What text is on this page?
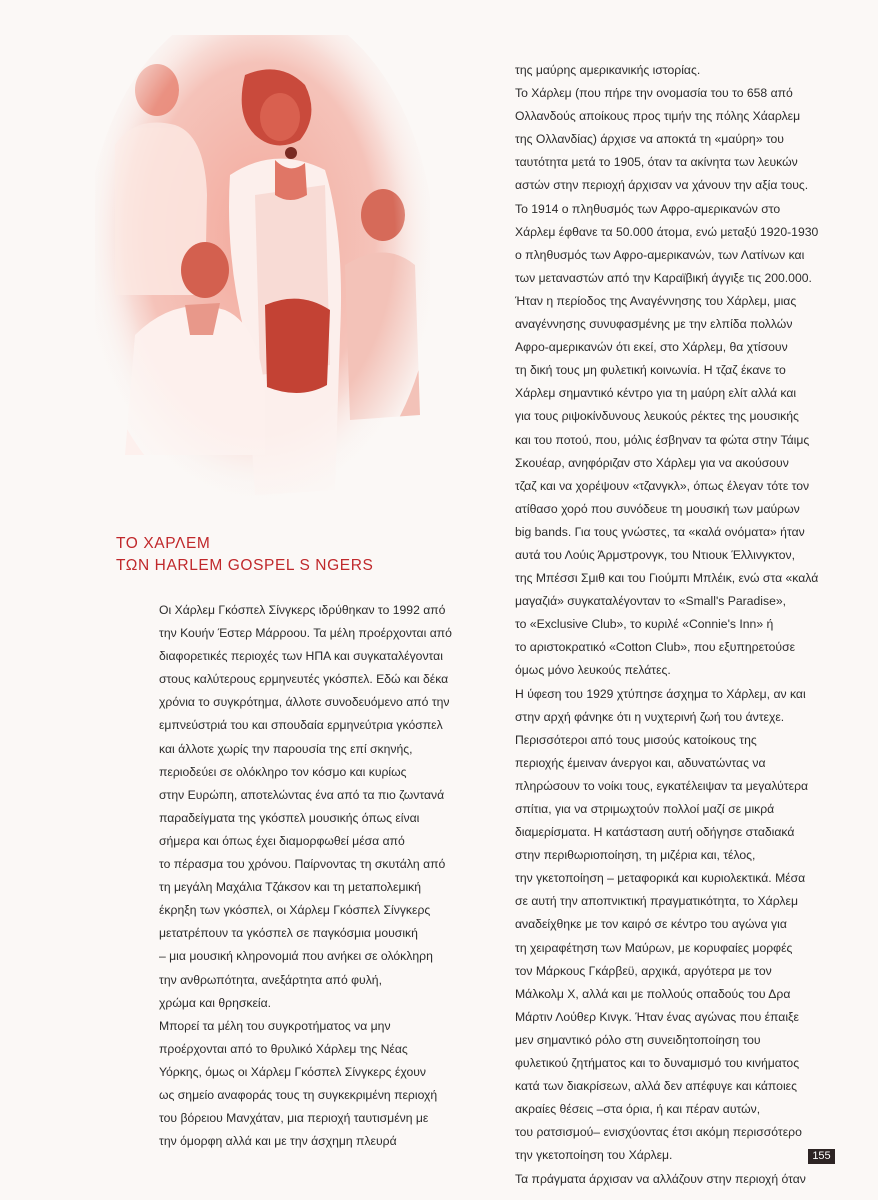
ΤΟ ΧΑΡΛΕΜ
ΤΩΝ HARLEM GOSPEL S NGERS

Οι Χάρλεμ Γκόσπελ Σίνγκερς ιδρύθηκαν το 1992 από

την Κουήν Έστερ Μάρροου. Τα μέλη προέρχονται από

διαφορετικές περιοχές των ΗΠΑ και συγκαταλέγονται

στους καλύτερους ερμηνευτές γκόσπελ. Εδώ και δέκα

χρόνια το συγκρότημα, άλλοτε συνοδευόμενο από την

εμπνεύστριά του και σπουδαία ερμηνεύτρια γκόσπελ

και άλλοτε χωρίς την παρουσία της επί σκηνής,

περιοδεύει σε ολόκληρο τον κόσμο και κυρίως

στην Ευρώπη, αποτελώντας ένα από τα πιο ζωντανά

παραδείγματα της γκόσπελ μουσικής όπως είναι

σήμερα και όπως έχει διαμορφωθεί μέσα από

το πέρασμα του χρόνου. Παίρνοντας τη σκυτάλη από

τη μεγάλη Μαχάλια Τζάκσον και τη μεταπολεμική

έκρηξη των γκόσπελ, οι Χάρλεμ Γκόσπελ Σίνγκερς

μετατρέπουν τα γκόσπελ σε παγκόσμια μουσική

– μια μουσική κληρονομιά που ανήκει σε ολόκληρη

την ανθρωπότητα, ανεξάρτητα από φυλή,

χρώμα και θρησκεία.

Μπορεί τα μέλη του συγκροτήματος να μην

προέρχονται από το θρυλικό Χάρλεμ της Νέας

Υόρκης, όμως οι Χάρλεμ Γκόσπελ Σίνγκερς έχουν

ως σημείο αναφοράς τους τη συγκεκριμένη περιοχή

του βόρειου Μανχάταν, μια περιοχή ταυτισμένη με

την όμορφη αλλά και με την άσχημη πλευρά

της μαύρης αμερικανικής ιστορίας.

Το Χάρλεμ (που πήρε την ονομασία του το 658 από

Ολλανδούς αποίκους προς τιμήν της πόλης Χάαρλεμ

της Ολλανδίας) άρχισε να αποκτά τη «μαύρη» του

ταυτότητα μετά το 1905, όταν τα ακίνητα των λευκών

αστών στην περιοχή άρχισαν να χάνουν την αξία τους.

Το 1914 ο πληθυσμός των Αφρο-αμερικανών στο

Χάρλεμ έφθανε τα 50.000 άτομα, ενώ μεταξύ 1920-1930

ο πληθυσμός των Αφρο-αμερικανών, των Λατίνων και

των μεταναστών από την Καραϊβική άγγιξε τις 200.000.

Ήταν η περίοδος της Αναγέννησης του Χάρλεμ, μιας

αναγέννησης συνυφασμένης με την ελπίδα πολλών

Αφρο-αμερικανών ότι εκεί, στο Χάρλεμ, θα χτίσουν

τη δική τους μη φυλετική κοινωνία. Η τζαζ έκανε το

Χάρλεμ σημαντικό κέντρο για τη μαύρη ελίτ αλλά και

για τους ριψοκίνδυνους λευκούς ρέκτες της μουσικής

και του ποτού, που, μόλις έσβηναν τα φώτα στην Τάιμς

Σκουέαρ, ανηφόριζαν στο Χάρλεμ για να ακούσουν

τζαζ και να χορέψουν «τζανγκλ», όπως έλεγαν τότε τον

ατίθασο χορό που συνόδευε τη μουσική των μαύρων

big bands. Για τους γνώστες, τα «καλά ονόματα» ήταν

αυτά του Λούις Άρμστρονγκ, του Ντιουκ Έλλινγκτον,

της Μπέσσι Σμιθ και του Γιούμπι Μπλέικ, ενώ στα «καλά

μαγαζιά» συγκαταλέγονταν το «Small's Paradise»,

το «Exclusive Club», το κυριλέ «Connie's Inn» ή

το αριστοκρατικό «Cotton Club», που εξυπηρετούσε

όμως μόνο λευκούς πελάτες.

Η ύφεση του 1929 χτύπησε άσχημα το Χάρλεμ, αν και

στην αρχή φάνηκε ότι η νυχτερινή ζωή του άντεχε.

Περισσότεροι από τους μισούς κατοίκους της

περιοχής έμειναν άνεργοι και, αδυνατώντας να

πληρώσουν το νοίκι τους, εγκατέλειψαν τα μεγαλύτερα

σπίτια, για να στριμωχτούν πολλοί μαζί σε μικρά

διαμερίσματα. Η κατάσταση αυτή οδήγησε σταδιακά

στην περιθωριοποίηση, τη μιζέρια και, τέλος,

την γκετοποίηση – μεταφορικά και κυριολεκτικά. Μέσα

σε αυτή την αποπνικτική πραγματικότητα, το Χάρλεμ

αναδείχθηκε με τον καιρό σε κέντρο του αγώνα για

τη χειραφέτηση των Μαύρων, με κορυφαίες μορφές

τον Μάρκους Γκάρβεϋ, αρχικά, αργότερα με τον

Μάλκολμ Χ, αλλά και με πολλούς οπαδούς του Δρα

Μάρτιν Λούθερ Κινγκ. Ήταν ένας αγώνας που έπαιξε

μεν σημαντικό ρόλο στη συνειδητοποίηση του

φυλετικού ζητήματος και το δυναμισμό του κινήματος

κατά των διακρίσεων, αλλά δεν απέφυγε και κάποιες

ακραίες θέσεις –στα όρια, ή και πέραν αυτών,

του ρατσισμού– ενισχύοντας έτσι ακόμη περισσότερο

την γκετοποίηση του Χάρλεμ.

Τα πράγματα άρχισαν να αλλάζουν στην περιοχή όταν

155
